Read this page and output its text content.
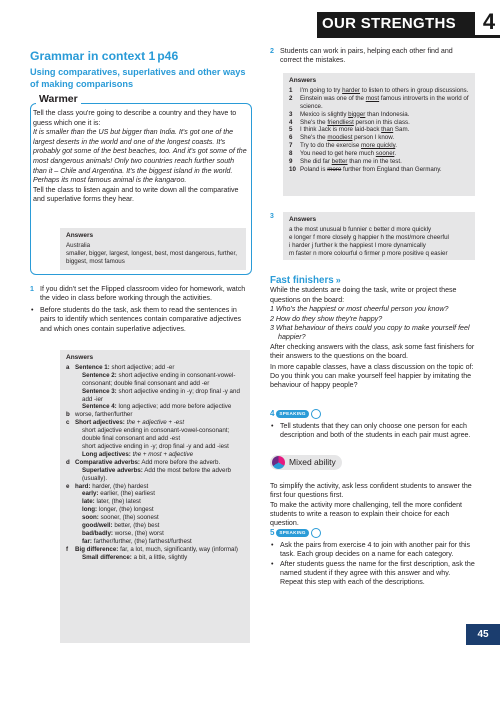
OUR STRENGTHS 4
Grammar in context 1 p46
Using comparatives, superlatives and other ways of making comparisons
Warmer
Tell the class you're going to describe a country and they have to guess which one it is:
It is smaller than the US but bigger than India. It's got one of the largest deserts in the world and one of the longest coasts. It's probably got some of the best beaches, too. And it's got some of the most dangerous animals! Only two countries reach further south than it – Chile and Argentina. It's the biggest island in the world. Perhaps its most famous animal is the kangaroo.
Tell the class to listen again and to write down all the comparative and superlative forms they hear.
Answers
Australia
smaller, bigger, largest, longest, best, most dangerous, further, biggest, most famous
1 If you didn't set the Flipped classroom video for homework, watch the video in class before working through the activities.
• Before students do the task, ask them to read the sentences in pairs to identify which sentences contain comparative adjectives and which ones contain superlative adjectives.
Answers
a Sentence 1: short adjective; add -er
Sentence 2: short adjective ending in consonant-vowel-consonant; double final consonant and add -er
Sentence 3: short adjective ending in -y; drop final -y and add -ier
Sentence 4: long adjective; add more before adjective
b worse, farther/further
c Short adjectives: the + adjective + -est
short adjective ending in consonant-vowel-consonant; double final consonant and add -est
short adjective ending in -y; drop final -y and add -iest
Long adjectives: the + most + adjective
d Comparative adverbs: Add more before the adverb.
Superlative adverbs: Add the most before the adverb (usually).
e hard: harder, (the) hardest
early: earlier, (the) earliest
late: later, (the) latest
long: longer, (the) longest
soon: sooner, (the) soonest
good/well: better, (the) best
bad/badly: worse, (the) worst
far: farther/further, (the) farthest/furthest
f Big difference: far, a lot, much, significantly, way (informal)
Small difference: a bit, a little, slightly
2 Students can work in pairs, helping each other find and correct the mistakes.
Answers
1 I'm going to try harder to listen to others in group discussions.
2 Einstein was one of the most famous introverts in the world of science.
3 Mexico is slightly bigger than Indonesia.
4 She's the friendliest person in this class.
5 I think Jack is more laid-back than Sam.
6 She's the moodiest person I know.
7 Try to do the exercise more quickly.
8 You need to get here much sooner.
9 She did far better than me in the test.
10 Poland is more further from England than Germany.
3	Answers
a the most unusual b funnier c better d more quickly
e longer f more closely g happier h the most/more cheerful
i harder j further k the happiest l more dynamically
m faster n more colourful o firmer p more positive q easier
Fast finishers »
While the students are doing the task, write or project these questions on the board:
1 Who's the happiest or most cheerful person you know?
2 How do they show they're happy?
3 What behaviour of theirs could you copy to make yourself feel happier?
After checking answers with the class, ask some fast finishers for their answers to the questions on the board.
In more capable classes, have a class discussion on the topic of: Do you think you can make yourself feel happier by imitating the behaviour of happy people?
4 SPEAKING
• Tell students that they can only choose one person for each description and both of the students in each pair must agree.
Mixed ability
To simplify the activity, ask less confident students to answer the first four questions first.
To make the activity more challenging, tell the more confident students to write a reason to explain their choice for each question.
5 SPEAKING
• Ask the pairs from exercise 4 to join with another pair for this task. Each group decides on a name for each category.
• After students guess the name for the first description, ask the named student if they agree with this answer and why. Repeat this step with each of the descriptions.
45
